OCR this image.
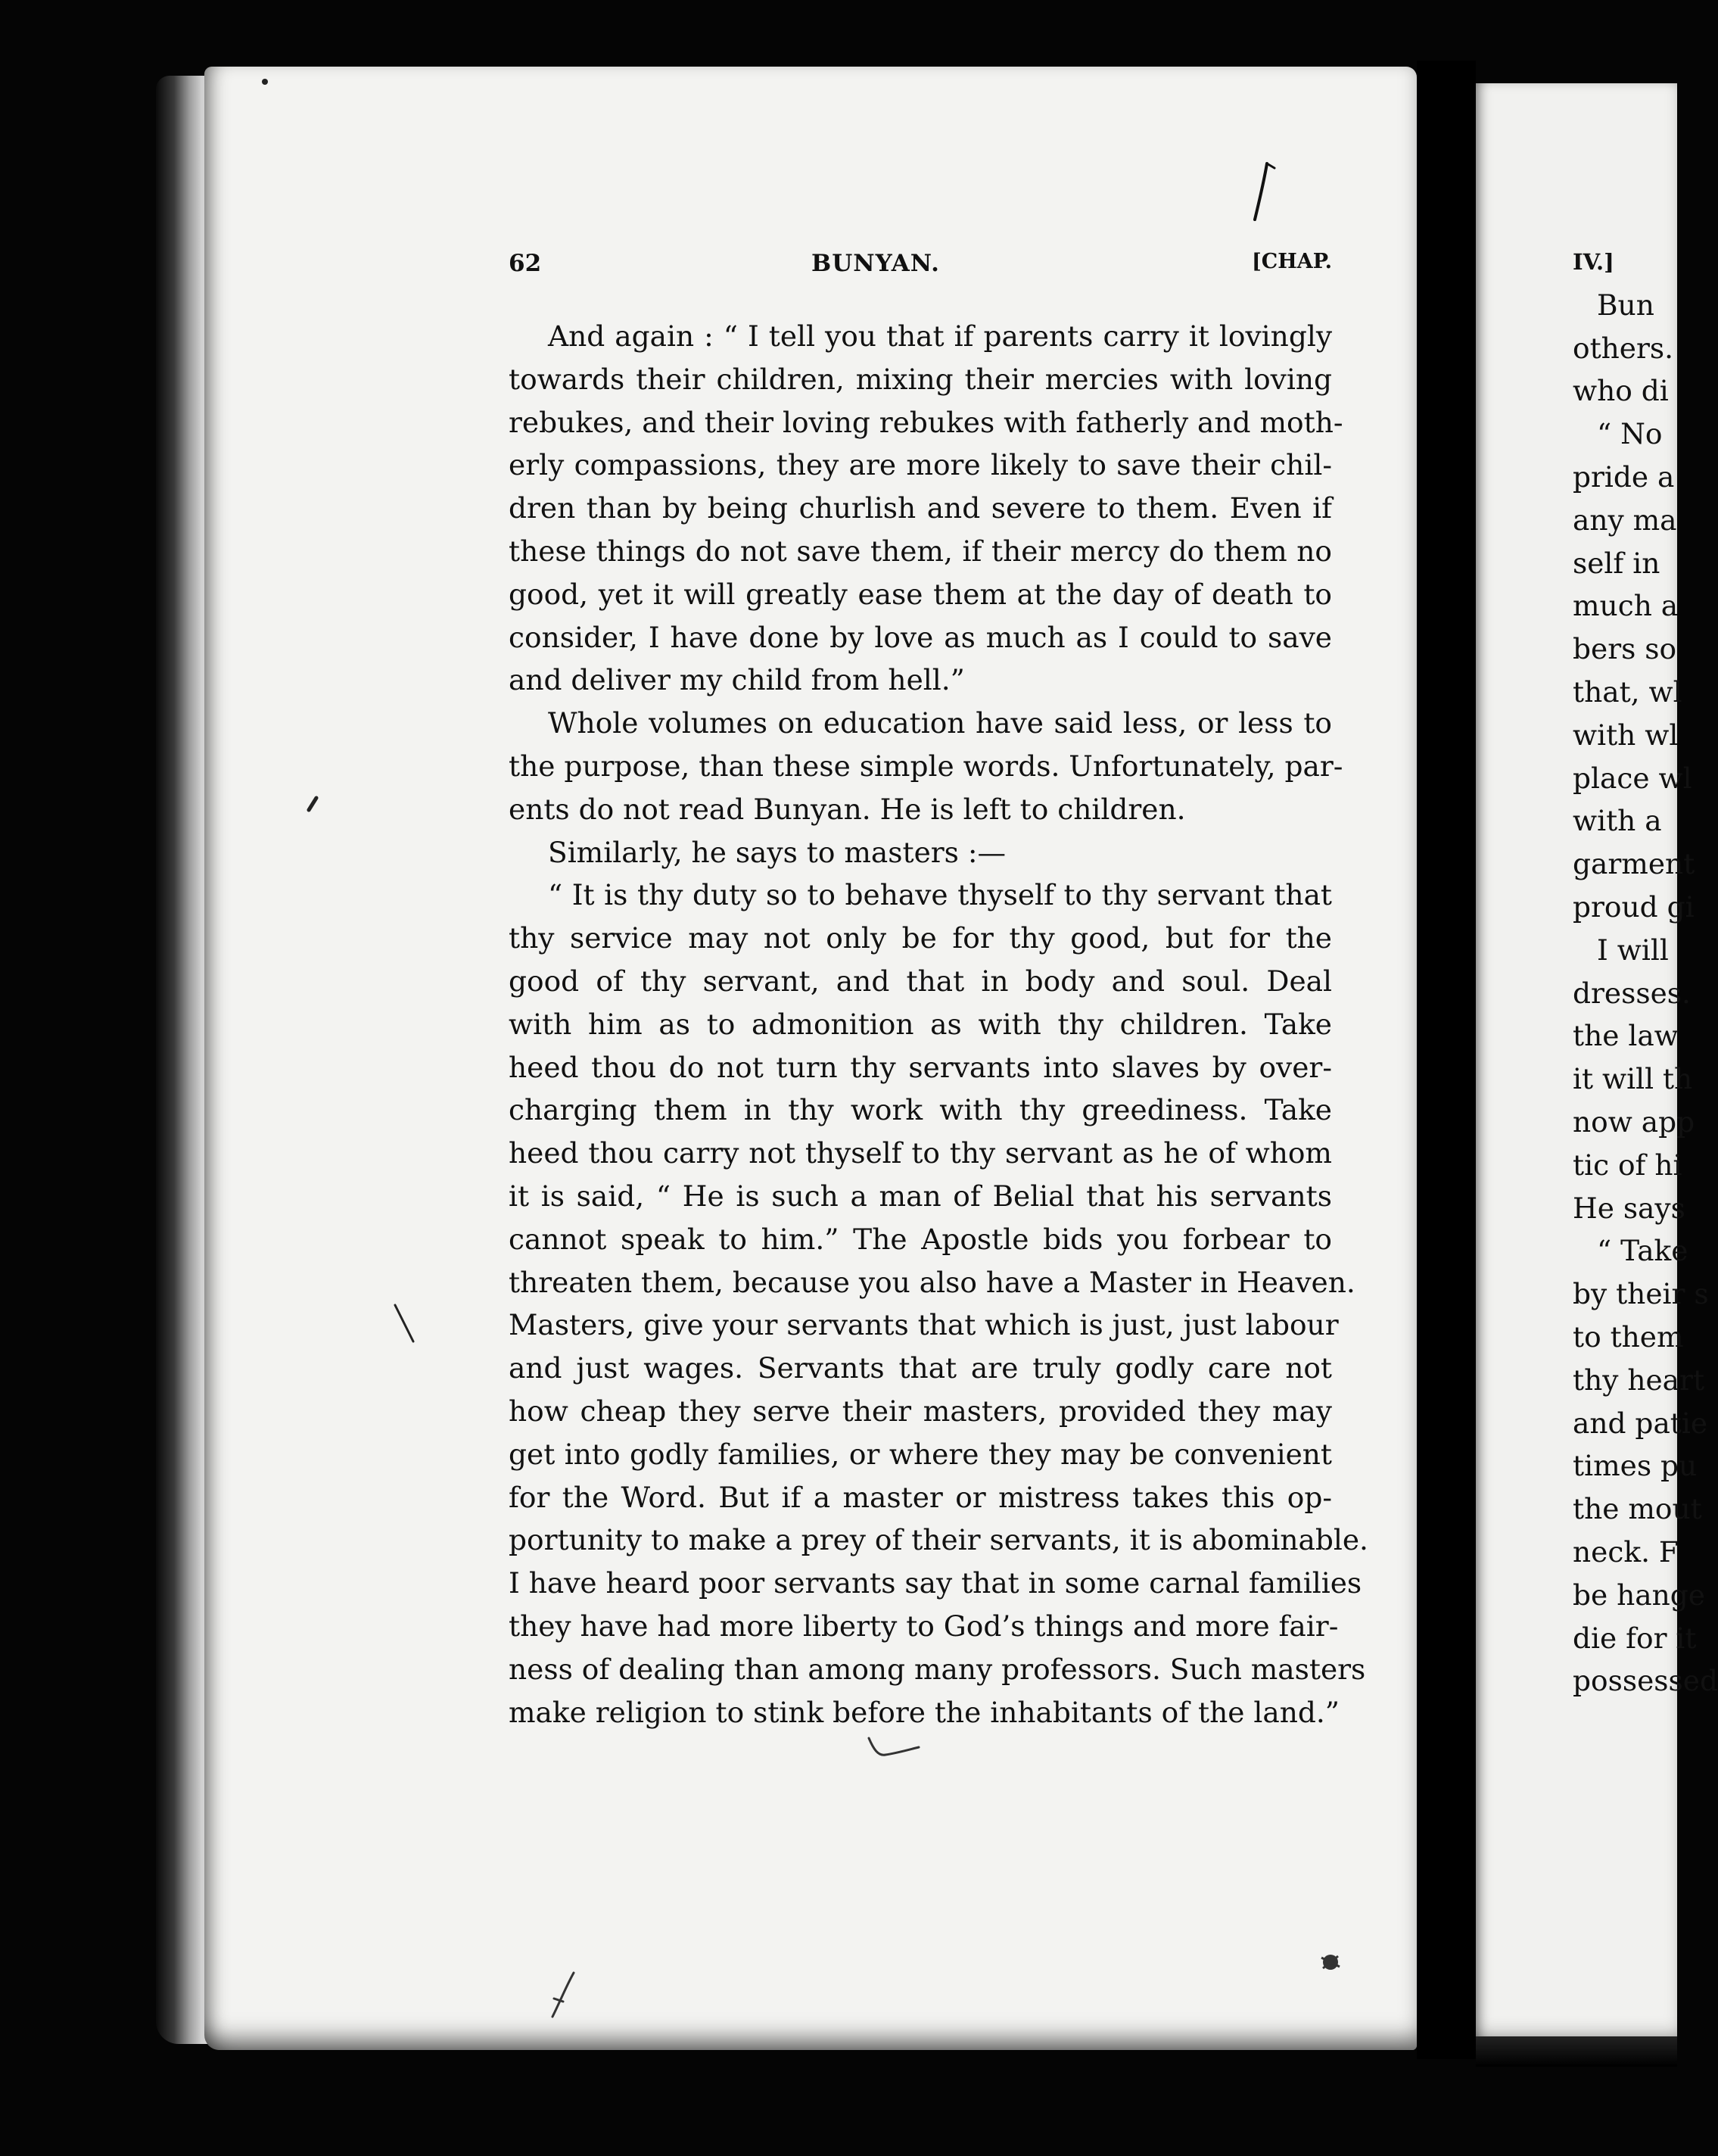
62	BUNYAN.	[CHAP.
And again : “ I tell you that if parents carry it lovingly
towards their children, mixing their mercies with loving
rebukes, and their loving rebukes with fatherly and moth-
erly compassions, they are more likely to save their chil-
dren than by being churlish and severe to them. Even if
these things do not save them, if their mercy do them no
good, yet it will greatly ease them at the day of death to
consider, I have done by love as much as I could to save
and deliver my child from hell.”
Whole volumes on education have said less, or less to
the purpose, than these simple words. Unfortunately, par-
ents do not read Bunyan. He is left to children.
Similarly, he says to masters :—
“ It is thy duty so to behave thyself to thy servant that
thy service may not only be for thy good, but for the
good of thy servant, and that in body and soul. Deal
with him as to admonition as with thy children. Take
heed thou do not turn thy servants into slaves by over-
charging them in thy work with thy greediness. Take
heed thou carry not thyself to thy servant as he of whom
it is said, “ He is such a man of Belial that his servants
cannot speak to him.” The Apostle bids you forbear to
threaten them, because you also have a Master in Heaven.
Masters, give your servants that which is just, just labour
and just wages. Servants that are truly godly care not
how cheap they serve their masters, provided they may
get into godly families, or where they may be convenient
for the Word. But if a master or mistress takes this op-
portunity to make a prey of their servants, it is abominable.
I have heard poor servants say that in some carnal families
they have had more liberty to God’s things and more fair-
ness of dealing than among many professors. Such masters
make religion to stink before the inhabitants of the land.”
IV.]
Bun
others.
who di
“ No
pride a
any ma
self in
much a
bers so
that, wl
with wl
place wl
with a
garment
proud gi
I will
dresses.
the law
it will th
now app
tic of hi
He says
“ Take
by their s
to them
thy heart
and patie
times pu
the mout
neck. F
be hange
die for it
possessed
